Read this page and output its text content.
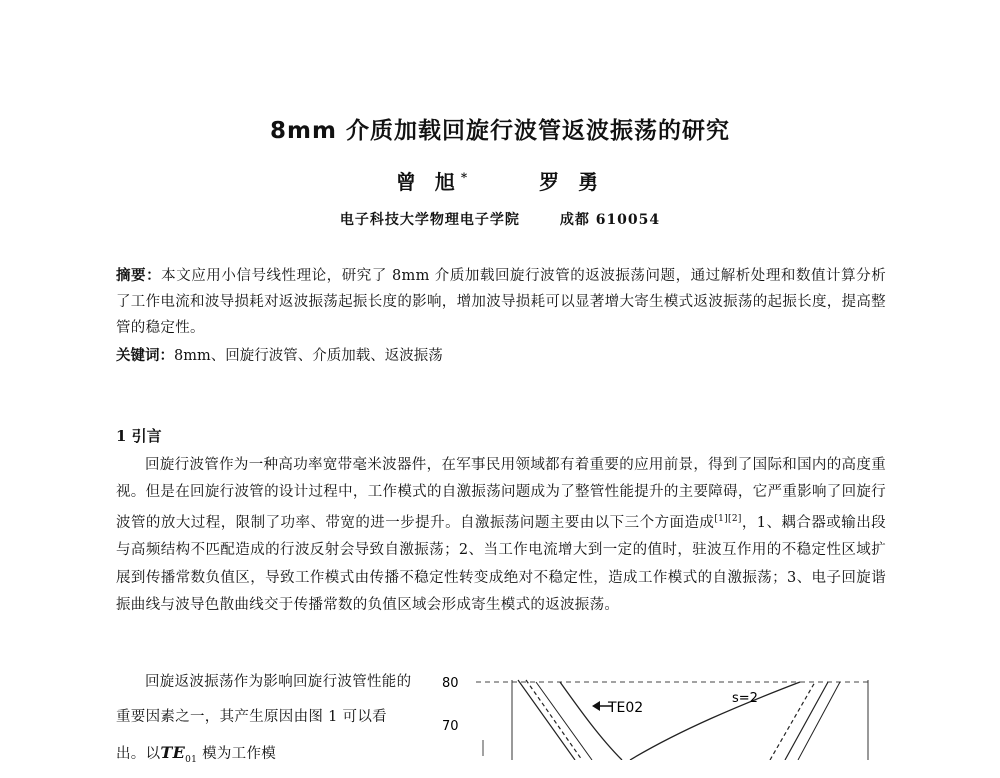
8mm 介质加载回旋行波管返波振荡的研究
曾 旭*	罗 勇
电子科技大学物理电子学院	成都 610054
摘要：本文应用小信号线性理论，研究了 8mm 介质加载回旋行波管的返波振荡问题，通过解析处理和数值计算分析了工作电流和波导损耗对返波振荡起振长度的影响，增加波导损耗可以显著增大寄生模式返波振荡的起振长度，提高整管的稳定性。
关键词：8mm、回旋行波管、介质加载、返波振荡
1 引言

回旋行波管作为一种高功率宽带毫米波器件，在军事民用领域都有着重要的应用前景，得到了国际和国内的高度重视。但是在回旋行波管的设计过程中，工作模式的自激振荡问题成为了整管性能提升的主要障碍，它严重影响了回旋行波管的放大过程，限制了功率、带宽的进一步提升。自激振荡问题主要由以下三个方面造成[1][2]，1、耦合器或输出段与高频结构不匹配造成的行波反射会导致自激振荡；2、当工作电流增大到一定的值时，驻波互作用的不稳定性区域扩展到传播常数负值区，导致工作模式由传播不稳定性转变成绝对不稳定性，造成工作模式的自激振荡；3、电子回旋谐振曲线与波导色散曲线交于传播常数的负值区域会形成寄生模式的返波振荡。

回旋返波振荡作为影响回旋行波管性能的重要因素之一，其产生原因由图 1 可以看出。以$TE_{01}$ 模为工作模

80
70
TE02
s=2
